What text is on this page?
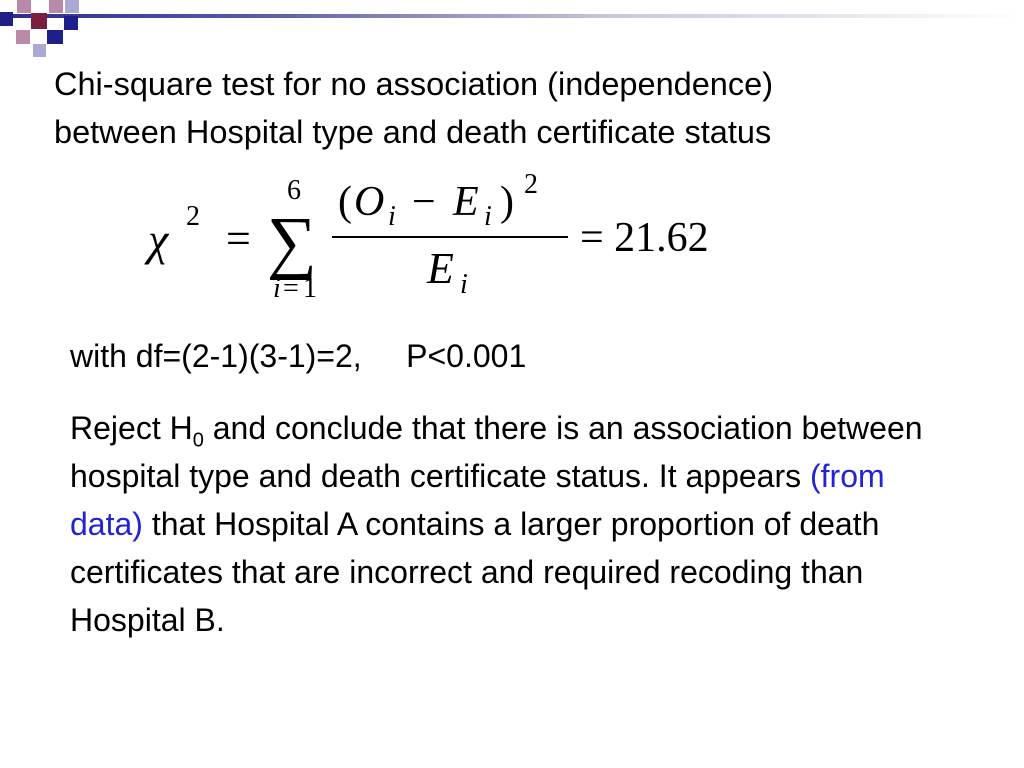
Chi-square test for no association (independence)
between Hospital type and death certificate status
χ 2 =
6
∑
i = 1
( O i − E i ) 2
E i
= 21.62
with df=(2-1)(3-1)=2, P<0.001

Reject $H_0$ and conclude that there is an association between hospital type and death certificate status. It appears (from data) that Hospital A contains a larger proportion of death certificates that are incorrect and required recoding than Hospital B.
